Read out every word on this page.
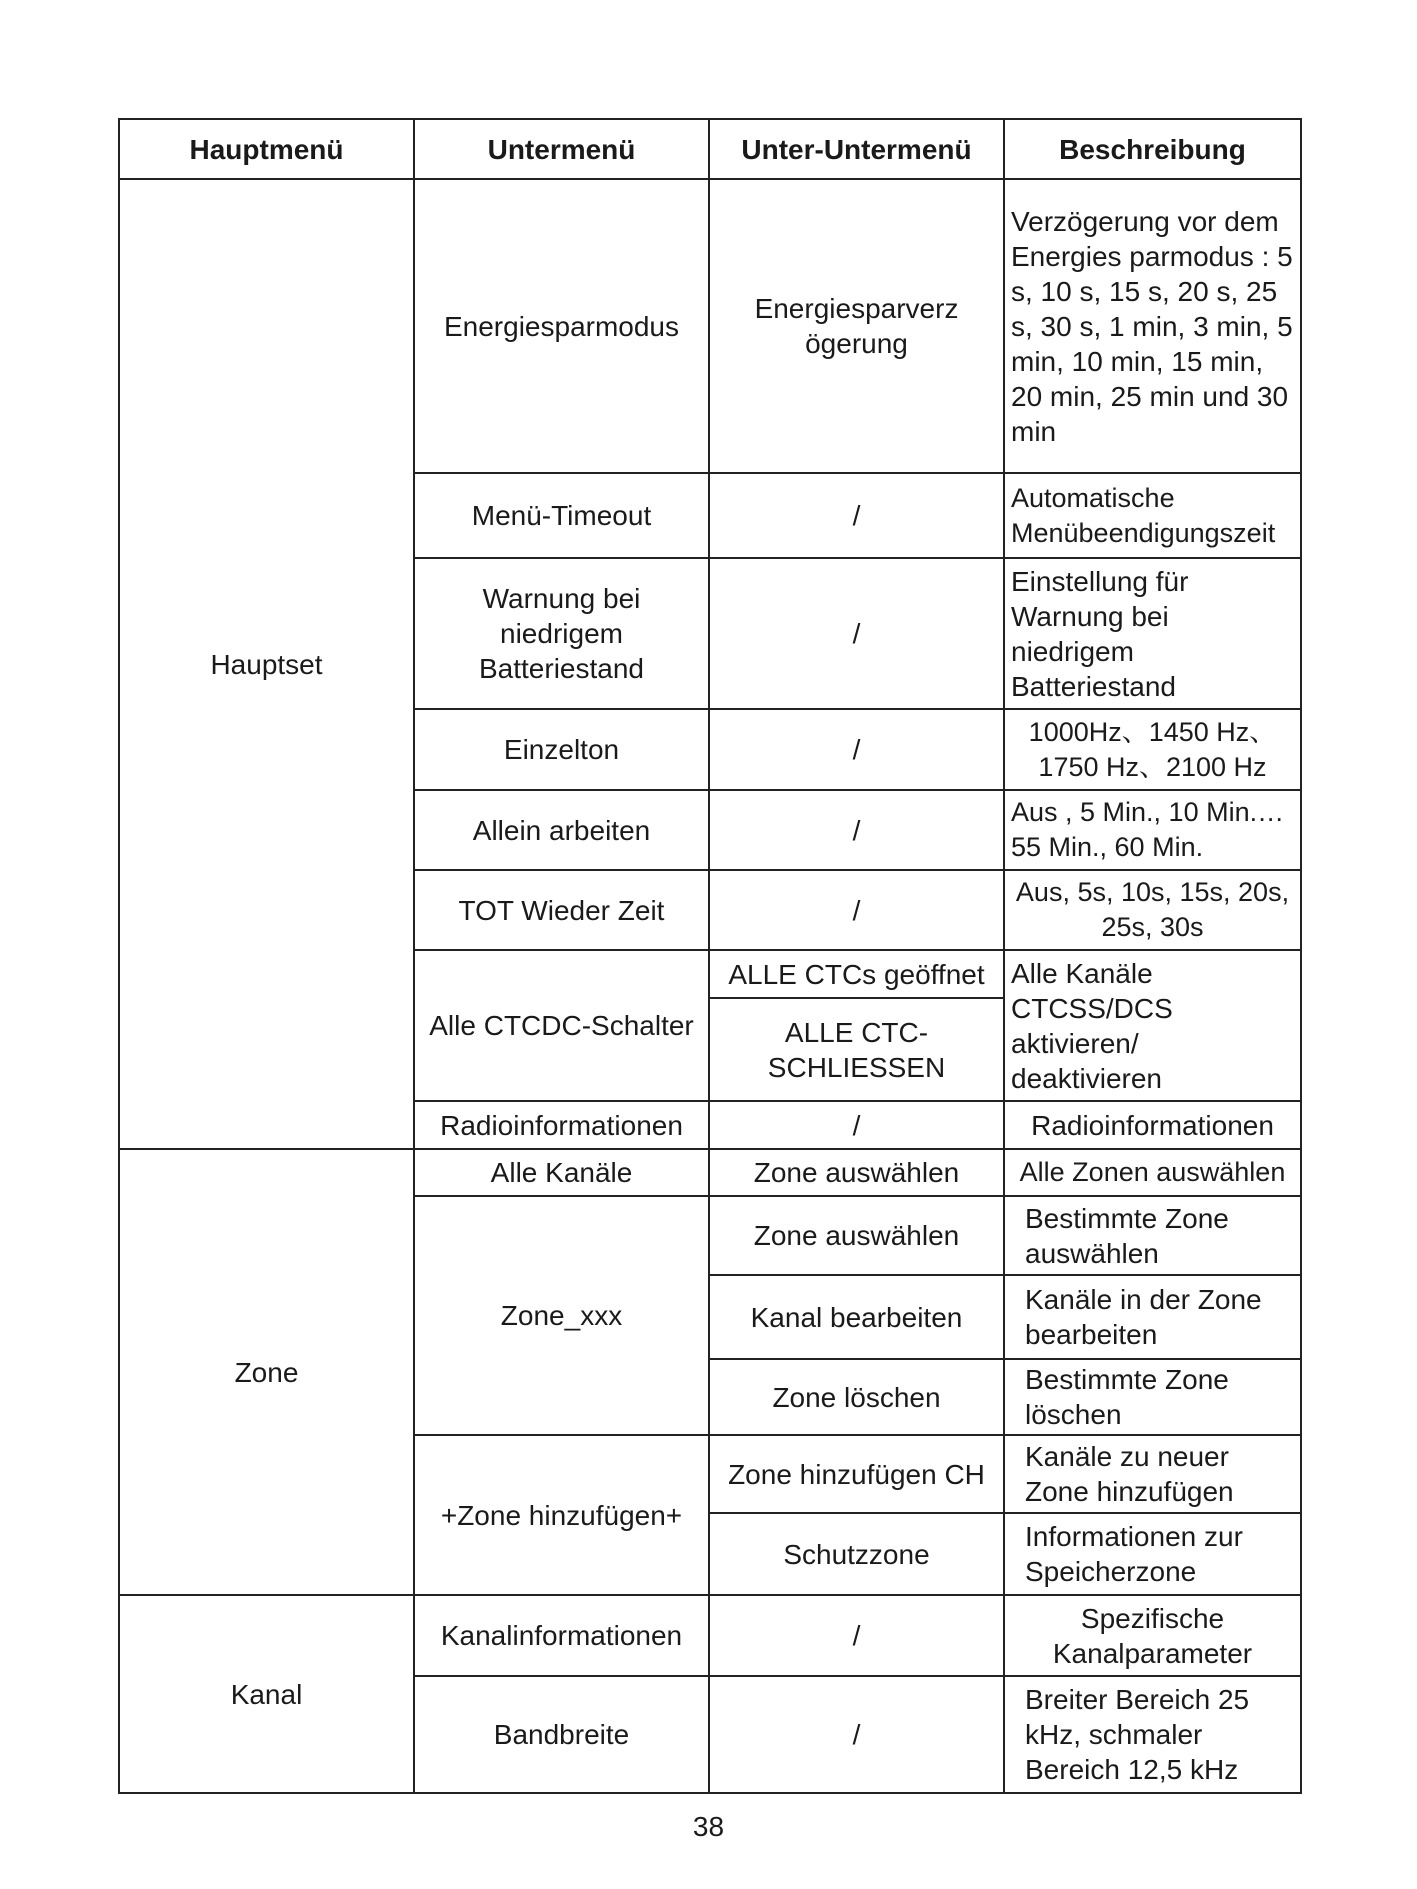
Hauptmenü	Untermenü	Unter-Untermenü	Beschreibung
Hauptset	Energiesparmodus	Energiesparverz ögerung	Verzögerung vor dem Energies parmodus : 5 s, 10 s, 15 s, 20 s, 25 s, 30 s, 1 min, 3 min, 5 min, 10 min, 15 min, 20 min, 25 min und 30 min
	Menü-Timeout	/	Automatische Menübeendigungszeit
	Warnung bei niedrigem Batteriestand	/	Einstellung für Warnung bei niedrigem Batteriestand
	Einzelton	/	1000Hz、1450 Hz、1750 Hz、2100 Hz
	Allein arbeiten	/	Aus , 5 Min., 10 Min.… 55 Min., 60 Min.
	TOT Wieder Zeit	/	Aus, 5s, 10s, 15s, 20s, 25s, 30s
	Alle CTCDC-Schalter	ALLE CTCs geöffnet	Alle Kanäle CTCSS/DCS aktivieren/ deaktivieren
		ALLE CTC-SCHLIESSEN	
	Radioinformationen	/	Radioinformationen
Zone	Alle Kanäle	Zone auswählen	Alle Zonen auswählen
	Zone_xxx	Zone auswählen	Bestimmte Zone auswählen
		Kanal bearbeiten	Kanäle in der Zone bearbeiten
		Zone löschen	Bestimmte Zone löschen
	+Zone hinzufügen+	Zone hinzufügen CH	Kanäle zu neuer Zone hinzufügen
		Schutzzone	Informationen zur Speicherzone
Kanal	Kanalinformationen	/	Spezifische Kanalparameter
	Bandbreite	/	Breiter Bereich 25 kHz, schmaler Bereich 12,5 kHz
38
